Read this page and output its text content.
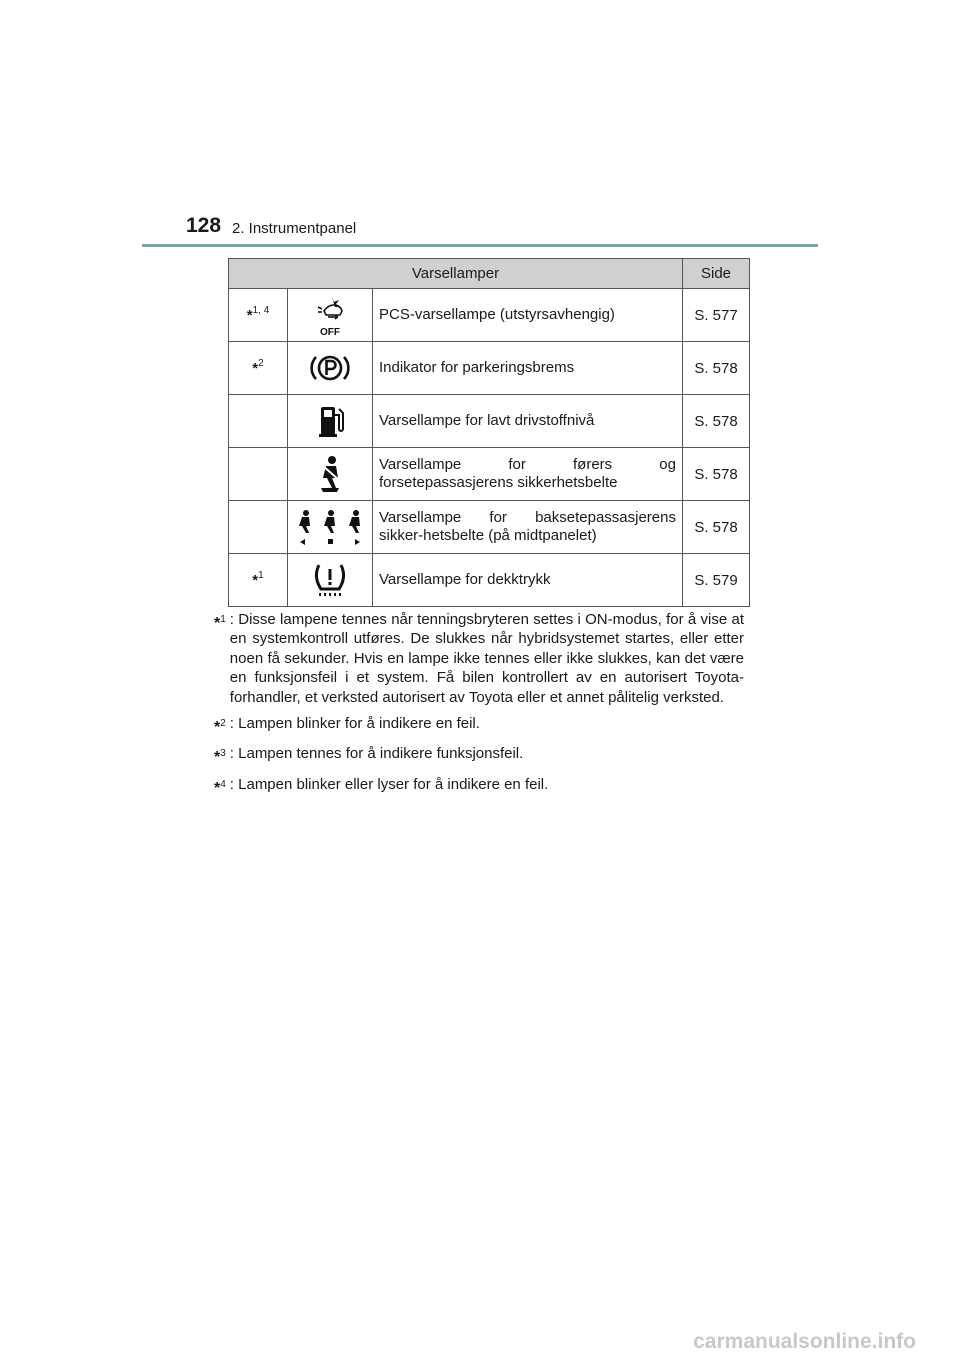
128 2. Instrumentpanel
Varsellamper			Side
*$^{1, 4}$	OFF	PCS-varsellampe (utstyrsavhengig)	S. 577
*$^2$		Indikator for parkeringsbrems	S. 578
		Varsellampe for lavt drivstoffnivå	S. 578
		Varsellampe for førers og forsetepassasjerens sikkerhetsbelte	S. 578
		Varsellampe for baksetepassasjerens sikker-hetsbelte (på midtpanelet)	S. 578
*$^1$		Varsellampe for dekktrykk	S. 579
*$^1$ : Disse lampene tennes når tenningsbryteren settes i ON-modus, for å vise at en systemkontroll utføres. De slukkes når hybridsystemet startes, eller etter noen få sekunder. Hvis en lampe ikke tennes eller ikke slukkes, kan det være en funksjonsfeil i et system. Få bilen kontrollert av en autorisert Toyota-forhandler, et verksted autorisert av Toyota eller et annet pålitelig verksted.
*$^2$ : Lampen blinker for å indikere en feil.
*$^3$ : Lampen tennes for å indikere funksjonsfeil.
*$^4$ : Lampen blinker eller lyser for å indikere en feil.
carmanualsonline.info
